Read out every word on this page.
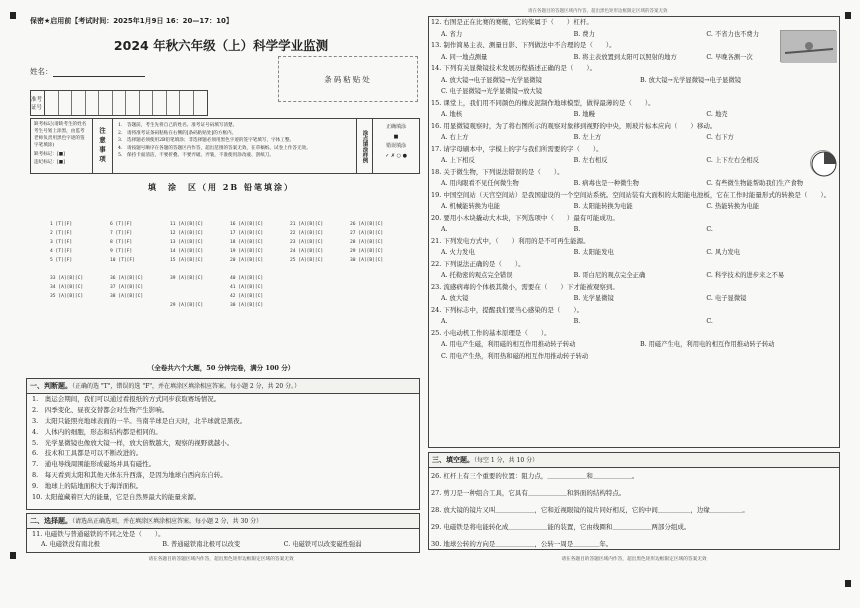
保密★启用前【考试时间：2025年1月9日 16：20—17：10】
2024 年秋六年级（上）科学学业监测
姓名：
条码粘贴处
准考证号
缺考标记(请缺考生的姓名考生号划上涂黑，由监考老师负责用黑色字迹的签字笔填涂)
缺考标记：[■]
违纪标记：[■]	注意事项
1.　答题前，考生先将自己的姓名、准考证号码填写清楚。
2.　请将准考证条码粘贴在右侧的[条码粘贴处]的方框内。
3.　选择题必须使用2B铅笔填涂；非选择题必须用黑色字迹的签字笔填写，字体工整。
4.　请按题号顺序在各题的答题区内作答，超出范围的答案无效，在草稿纸、试卷上作答无效。
5.　保持卡面清洁，不要折叠、不要弄破、弄皱，不准使用涂改液、刮纸刀。	涂点填涂样例
正确填涂
■
错误填涂
✓ ✗ ○ ●
填　涂　区（用 2B 铅笔填涂）
1 [T][F]	6 [T][F]	11 [A][B][C]	16 [A][B][C]	21 [A][B][C]	26 [A][B][C]
2 [T][F]	7 [T][F]	12 [A][B][C]	17 [A][B][C]	22 [A][B][C]	27 [A][B][C]
3 [T][F]	8 [T][F]	13 [A][B][C]	18 [A][B][C]	23 [A][B][C]	28 [A][B][C]
4 [T][F]	9 [T][F]	14 [A][B][C]	19 [A][B][C]	24 [A][B][C]	29 [A][B][C]
5 [T][F]	10 [T][F]	15 [A][B][C]	20 [A][B][C]	25 [A][B][C]	30 [A][B][C]
33 [A][B][C]	36 [A][B][C]	39 [A][B][C]	40 [A][B][C]
34 [A][B][C]	37 [A][B][C]	41 [A][B][C]
35 [A][B][C]	38 [A][B][C]	42 [A][B][C]
29 [A][B][C]	30 [A][B][C]
（全卷共六个大题，50 分钟完卷，满分 100 分）
一、判断题。（正确的选 "T"，错误的选 "F"，并在填涂区填涂相应答案。每小题 2 分，共 20 分。）
1.　奥运会期间，我们可以通过看报纸的方式同步获取赛场情况。
2.　四季变化、昼夜交替都会对生物产生影响。
3.　太阳只能照亮地球表面的一半。当南半球是白天时，北半球就是黑夜。
4.　人体内的细胞，形态和结构都是相同的。
5.　光学显微镜也像放大镜一样，放大倍数越大，观察的视野就越小。
6.　技术和工具都是可以不断改进的。
7.　通电导线周围能形成磁场并具有磁性。
8.　每天看到太阳和其他天体东升西落，是因为地球自西向东自转。
9.　地球上的陆地面积大于海洋面积。
10. 太阳蕴藏着巨大的能量，它是自然界最大的能量来源。
二、选择题。（请选出正确选项，并在填涂区填涂相应答案。每小题 2 分，共 30 分）
11. 电磁铁与普通磁铁的不同之处是（　　）。
A. 电磁铁没有南北极	B. 普通磁铁南北极可以改变	C. 电磁铁可以改变磁性强弱
请在各题目的答题区域内作答，超出黑色矩形边框限定区域的答案无效
请在各题目的答题区域内作答，超出黑色矩形边框限定区域的答案无效
12. 右图是正在比赛的赛艇，它的桨属于（　　）杠杆。
A. 省力	B. 费力	C. 不省力也不费力
13. 制作简易主表、测量日影、下列做法中不合理的是（　　）。
A. 同一地点测量	B. 将主表放置到太阳可以照射的地方	C. 早晚各测一次
14. 下列有关显微镜技术发展历程描述正确的是（　　）。
A. 放大镜→电子显微镜→光学显微镜	B. 放大镜→光学显微镜→电子显微镜
C. 电子显微镜→光学显微镜→放大镜
15. 课堂上，我们用不同颜色的橡皮泥制作地球模型，做得最薄的是（　　）。
A. 地核	B. 地幔	C. 地壳
16. 用显微镜观察时，为了将右图所示的观察对象移到视野的中央，则玻片标本应向（　　）移动。
A. 右上方	B. 左上方	C. 右下方
17. 请字母刷本中，字模上的字与我们所需要的字（　　）。
A. 上下相反	B. 左右相反	C. 上下左右全相反
18. 关于微生物，下列说法错误的是（　　）。
A. 用肉眼看不见任何微生物	B. 病毒也是一种微生物	C. 有些微生物能帮助我们生产食物
19. 中国空间站（天宫空间站）是我国建设的一个空间站系统。空间站装有大面积的太阳能电池板，它在工作时能量形式的转换是（　　）。
A. 机械能转换为电能	B. 太阳能转换为电能	C. 热能转换为电能
20. 要用小木块撬动大木块，下列选项中（　　）最有可能成功。
A.	B.	C.
21. 下列发电方式中，（　　）利用的是不可再生能源。
A. 火力发电	B. 太阳能发电	C. 风力发电
22. 下列说法正确的是（　　）。
A. 托勒密的观点完全错误	B. 哥白尼的观点完全正确	C. 科学技术的进步来之不易
23. 流感病毒的个体极其微小，需要在（　　）下才能被观察到。
A. 放大镜	B. 光学显微镜	C. 电子显微镜
24. 下列标志中，提醒我们要当心感染的是（　　）。
A.	B.	C.
25. 小电动机工作的基本原理是（　　）。
A. 用电产生磁，利用磁的相互作用推动转子转动	B. 用磁产生电，利用电的相互作用推动转子转动
C. 用电产生热，利用热和磁的相互作用推动转子转动
三、填空题。（每空 1 分，共 10 分）
26. 杠杆上有三个重要的位置：阻力点，＿＿＿＿＿＿和＿＿＿＿＿＿。
27. 剪刀是一种组合工具，它具有＿＿＿＿＿＿和斜面的结构特点。
28. 放大镜的镜片又叫＿＿＿＿＿＿，它和近视眼镜的镜片同好相反，它的中间＿＿＿＿＿，边缘＿＿＿＿＿。
29. 电磁铁是将电能转化成＿＿＿＿＿＿能的装置，它由线圈和＿＿＿＿＿＿两部分组成。
30. 地球公转的方向是＿＿＿＿＿＿，公转一周是＿＿＿＿年。
请在各题目的答题区域内作答，超出黑色矩形边框限定区域的答案无效
